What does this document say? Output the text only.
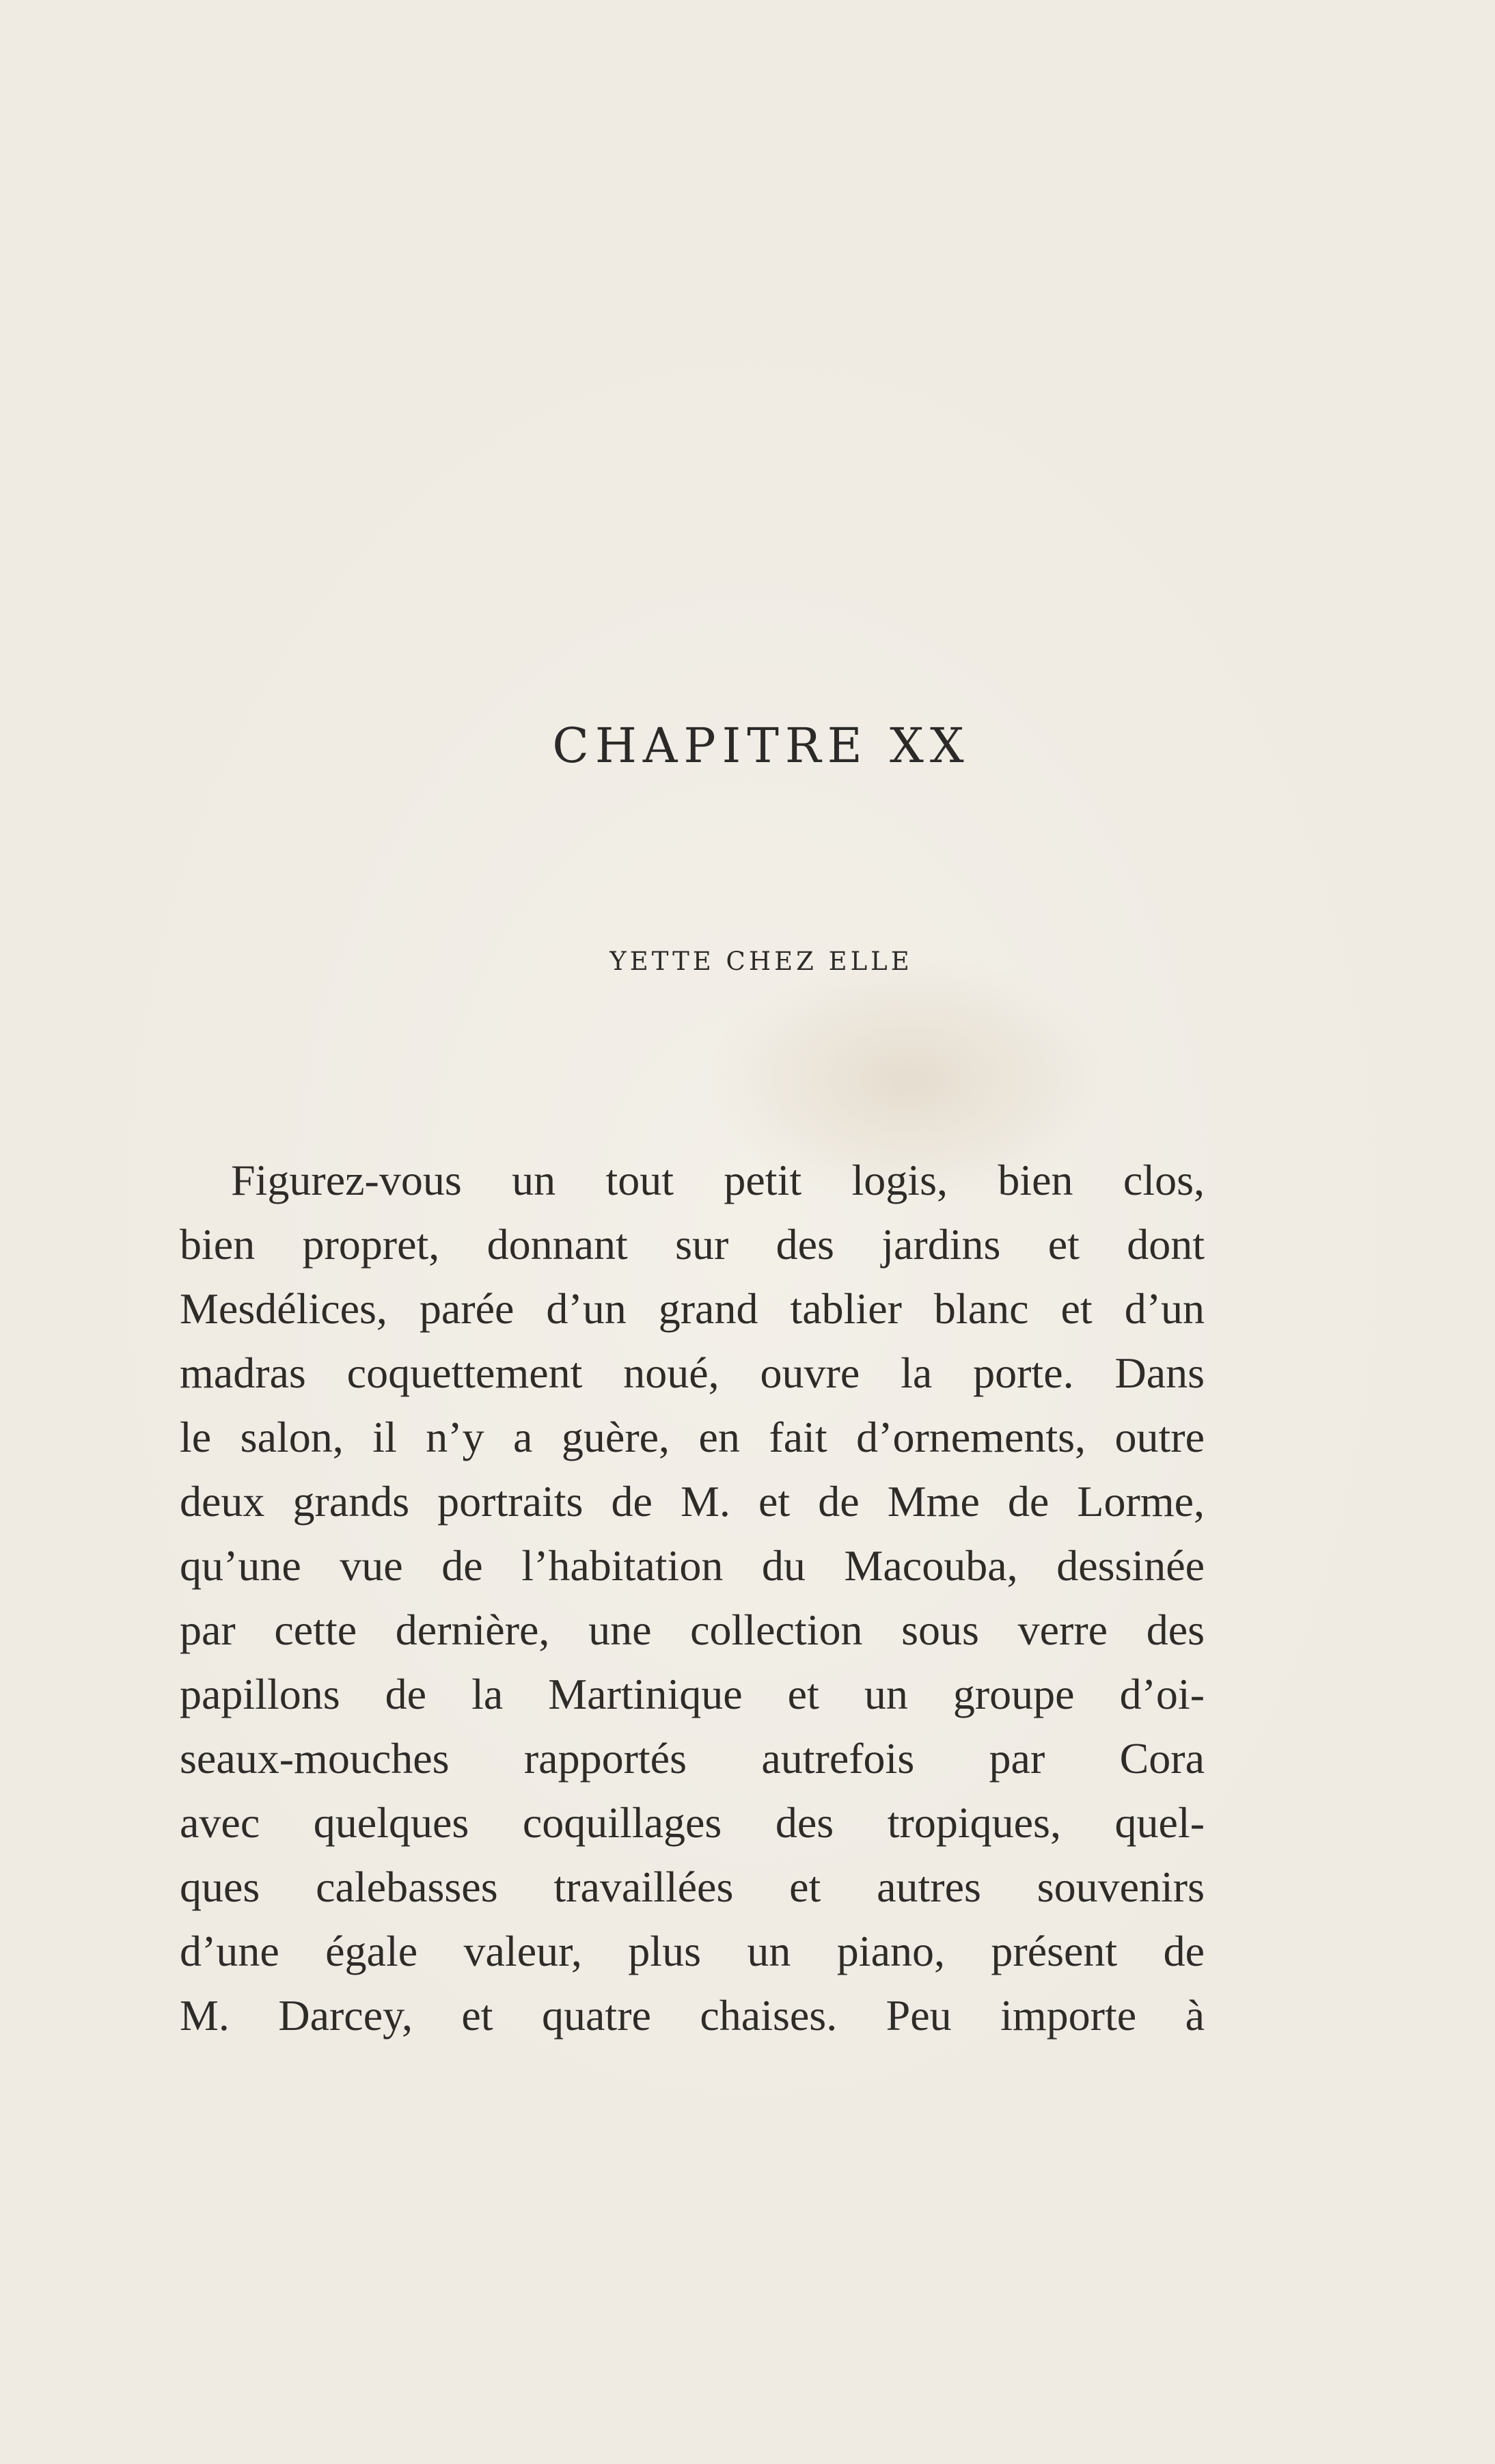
CHAPITRE XX
YETTE CHEZ ELLE
Figurez-vous un tout petit logis, bien clos,
bien propret, donnant sur des jardins et dont
Mesdélices, parée d’un grand tablier blanc et d’un
madras coquettement noué, ouvre la porte. Dans
le salon, il n’y a guère, en fait d’ornements, outre
deux grands portraits de M. et de Mme de Lorme,
qu’une vue de l’habitation du Macouba, dessinée
par cette dernière, une collection sous verre des
papillons de la Martinique et un groupe d’oi-
seaux-mouches rapportés autrefois par Cora
avec quelques coquillages des tropiques, quel-
ques calebasses travaillées et autres souvenirs
d’une égale valeur, plus un piano, présent de
M. Darcey, et quatre chaises. Peu importe à
